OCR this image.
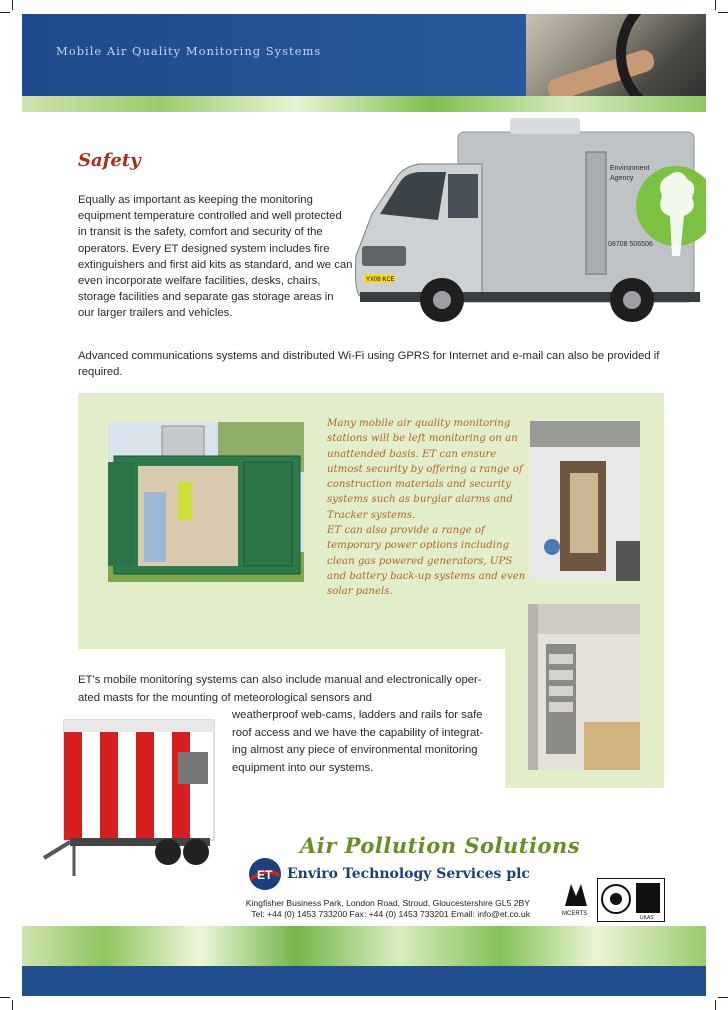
Mobile Air Quality Monitoring Systems
Safety
Equally as important as keeping the monitoring equipment temperature controlled and well protected in transit is the safety, comfort and security of the operators. Every ET designed system includes fire extinguishers and first aid kits as standard, and we can even incorporate welfare facilities, desks, chairs, storage facilities and separate gas storage areas in our larger trailers and vehicles.
Advanced communications systems and distributed Wi-Fi using GPRS for Internet and e-mail can also be provided if required.
Environment
Agency
08708 506506
YX08 KCE
Many mobile air quality monitoring stations will be left monitoring on an unattended basis. ET can ensure utmost security by offering a range of construction materials and security systems such as burglar alarms and Tracker systems.
ET can also provide a range of temporary power options including clean gas powered generators, UPS and battery back-up systems and even solar panels.
ET’s mobile monitoring systems can also include manual and electronically oper-
ated masts for the mounting of meteorological sensors and
weatherproof web-cams, ladders and rails for safe
roof access and we have the capability of integrat-
ing almost any piece of environmental monitoring
equipment into our systems.
Air Pollution Solutions
ET Enviro Technology Services plc
Kingfisher Business Park, London Road, Stroud, Gloucestershire GL5 2BY
Tel: +44 (0) 1453 733200 Fax: +44 (0) 1453 733201 Email: info@et.co.uk	MCERTS
UKAS
